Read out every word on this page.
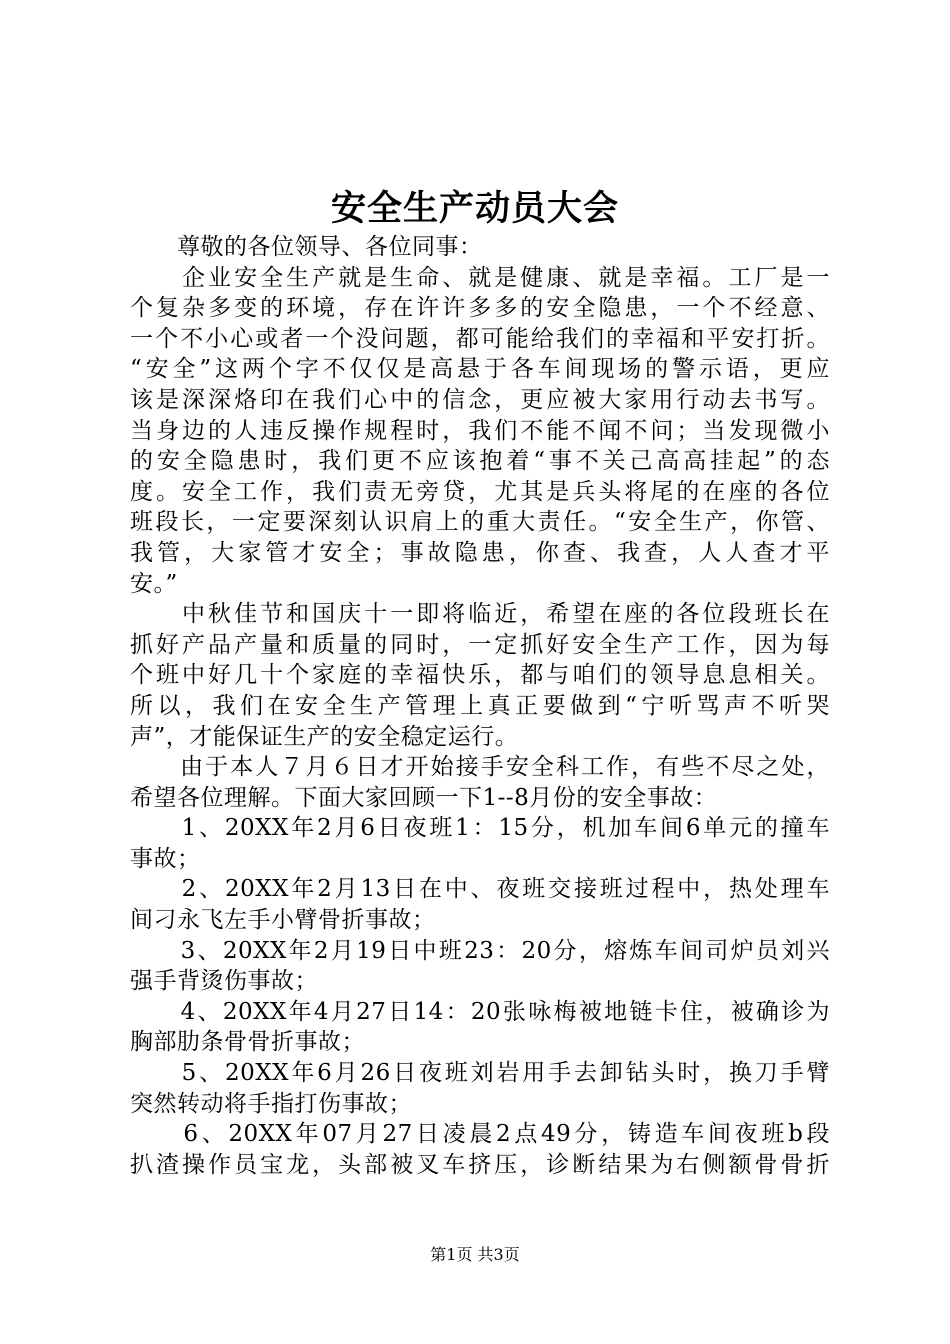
安全生产动员大会
　　尊敬的各位领导、各位同事：
　　企业安全生产就是生命、就是健康、就是幸福。工厂是一
个复杂多变的环境，存在许许多多的安全隐患，一个不经意、
一个不小心或者一个没问题，都可能给我们的幸福和平安打折。
“安全”这两个字不仅仅是高悬于各车间现场的警示语，更应
该是深深烙印在我们心中的信念，更应被大家用行动去书写。
当身边的人违反操作规程时，我们不能不闻不问；当发现微小
的安全隐患时，我们更不应该抱着“事不关己高高挂起”的态
度。安全工作，我们责无旁贷，尤其是兵头将尾的在座的各位
班段长，一定要深刻认识肩上的重大责任。“安全生产，你管、
我管，大家管才安全；事故隐患，你查、我查，人人查才平
安。”
　　中秋佳节和国庆十一即将临近，希望在座的各位段班长在
抓好产品产量和质量的同时，一定抓好安全生产工作，因为每
个班中好几十个家庭的幸福快乐，都与咱们的领导息息相关。
所以，我们在安全生产管理上真正要做到“宁听骂声不听哭
声”，才能保证生产的安全稳定运行。
　　由于本人７月６日才开始接手安全科工作，有些不尽之处，
希望各位理解。下面大家回顾一下1--8月份的安全事故：
　　1、20XX年2月6日夜班1：15分，机加车间6单元的撞车
事故；
　　2、20XX年2月13日在中、夜班交接班过程中，热处理车
间刁永飞左手小臂骨折事故；
　　3、20XX年2月19日中班23：20分，熔炼车间司炉员刘兴
强手背烫伤事故；
　　4、20XX年4月27日14：20张咏梅被地链卡住，被确诊为
胸部肋条骨骨折事故；
　　5、20XX年6月26日夜班刘岩用手去卸钻头时，换刀手臂
突然转动将手指打伤事故；
　　6、20XX年07月27日凌晨2点49分，铸造车间夜班b段
扒渣操作员宝龙，头部被叉车挤压，诊断结果为右侧额骨骨折
第1页 共3页
